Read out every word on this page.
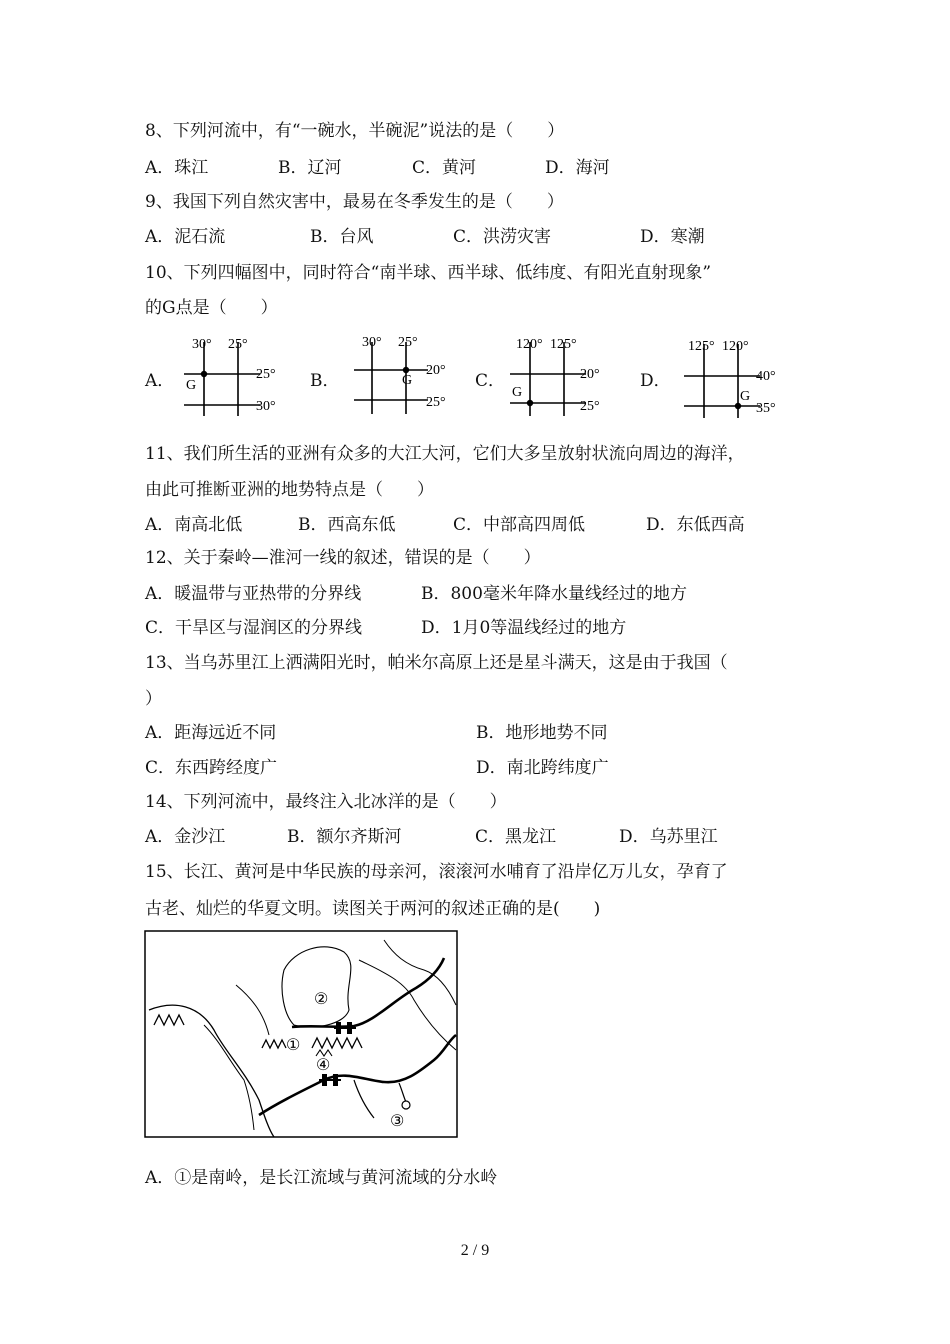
8、下列河流中，有“一碗水，半碗泥”说法的是（　　）
A．珠江	B．辽河	C．黄河	D．海河
9、我国下列自然灾害中，最易在冬季发生的是（　　）
A．泥石流	B．台风	C．洪涝灾害	D．寒潮
10、下列四幅图中，同时符合“南半球、西半球、低纬度、有阳光直射现象”
的G点是（　　）
A．
30° 25°
25°
30°
G	B．
30° 25°
20°
25°
G	C．
120° 125°
20°
25°
G
D．
125° 120°
40°
35°
G
11、我们所生活的亚洲有众多的大江大河，它们大多呈放射状流向周边的海洋，
由此可推断亚洲的地势特点是（　　）
A．南高北低	B．西高东低	C．中部高四周低	D．东低西高
12、关于秦岭—淮河一线的叙述，错误的是（　　）
A．暖温带与亚热带的分界线	B．800毫米年降水量线经过的地方
C．干旱区与湿润区的分界线	D．1月0等温线经过的地方
13、当乌苏里江上洒满阳光时，帕米尔高原上还是星斗满天，这是由于我国（
）
A．距海远近不同	B．地形地势不同
C．东西跨经度广	D．南北跨纬度广
14、下列河流中，最终注入北冰洋的是（　　）
A．金沙江	B．额尔齐斯河	C．黑龙江	D．乌苏里江
15、长江、黄河是中华民族的母亲河，滚滚河水哺育了沿岸亿万儿女，孕育了
古老、灿烂的华夏文明。读图关于两河的叙述正确的是(　　)
②
①
④
③
A．①是南岭，是长江流域与黄河流域的分水岭
2 / 9
